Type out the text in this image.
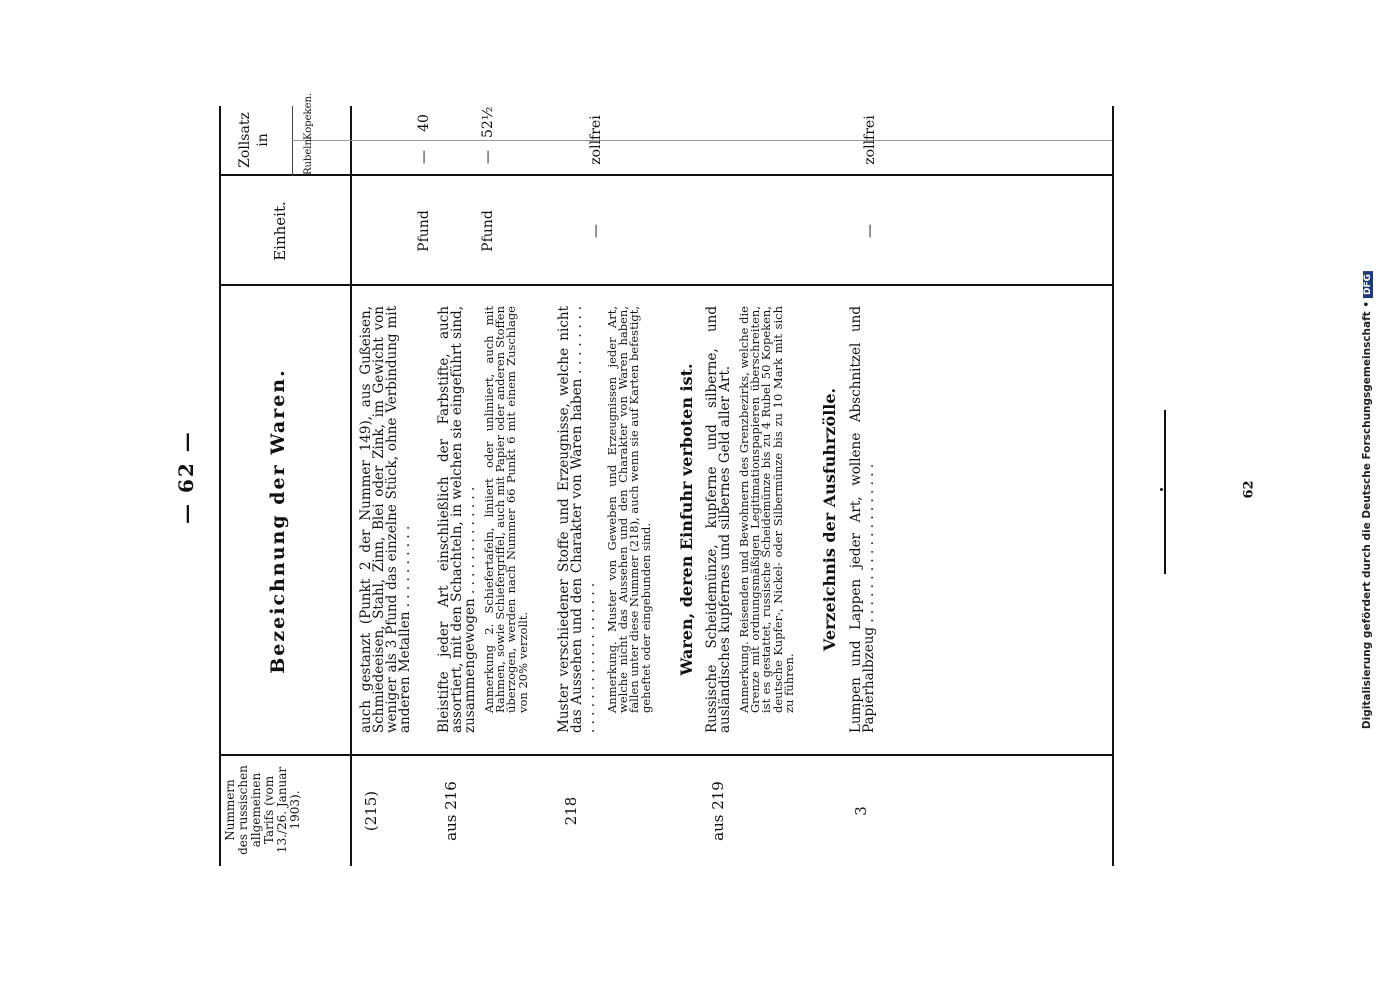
— 62 —
Nummern des russischen allgemeinen Tarifs (vom 13./26. Januar 1903).
Bezeichnung der Waren.
Einheit.
Zollsatz in	Rubeln.
Kopeken.
(215)
auch gestanzt (Punkt 2 der Nummer 149), aus Gußeisen, Schmiedeeisen, Stahl, Zinn, Blei oder Zink, im Gewicht von weniger als 3 Pfund das einzelne Stück, ohne Verbindung mit anderen Metallen . . . . . . . . . .
Pfund
—
40
aus 216
Bleistifte jeder Art einschließlich der Farbstifte, auch assortiert, mit den Schachteln, in welchen sie eingeführt sind, zusammengewogen . . . . . . . . . . . . . Anmerkung 2. Schiefertafeln, liniiert oder unliniiert, auch mit Rahmen, sowie Schiefergriffel, auch mit Papier oder anderen Stoffen überzogen, werden nach Nummer 66 Punkt 6 mit einem Zuschlage von 20% verzollt.
Pfund
—
52½
218
Muster verschiedener Stoffe und Erzeugnisse, welche nicht das Aussehen und den Charakter von Waren haben . . . . . . . . . . . . . . . . . . . . . . . . . . Anmerkung. Muster von Geweben und Erzeugnissen jeder Art, welche nicht das Aussehen und den Charakter von Waren haben, fallen unter diese Nummer (218), auch wenn sie auf Karten befestigt, geheftet oder eingebunden sind.
—
zollfrei
Waren, deren Einfuhr verboten ist.
aus 219
Russische Scheidemünze, kupferne und silberne, und ausländisches kupfernes und silbernes Geld aller Art. Anmerkung. Reisenden und Bewohnern des Grenzbezirks, welche die Grenze mit ordnungsmäßigen Legitimationspapieren überschreiten, ist es gestattet, russische Scheidemünze bis zu 4 Rubel 50 Kopeken, deutsche Kupfer-, Nickel- oder Silbermünze bis zu 10 Mark mit sich zu führen.
Verzeichnis der Ausfuhrzölle.
3
Lumpen und Lappen jeder Art, wollene Abschnitzel und Papierhalbzeug . . . . . . . . . . . . . . . . . . .
—
zollfrei
62	Digitalisierung gefördert durch die Deutsche Forschungsgemeinschaft •DFG
